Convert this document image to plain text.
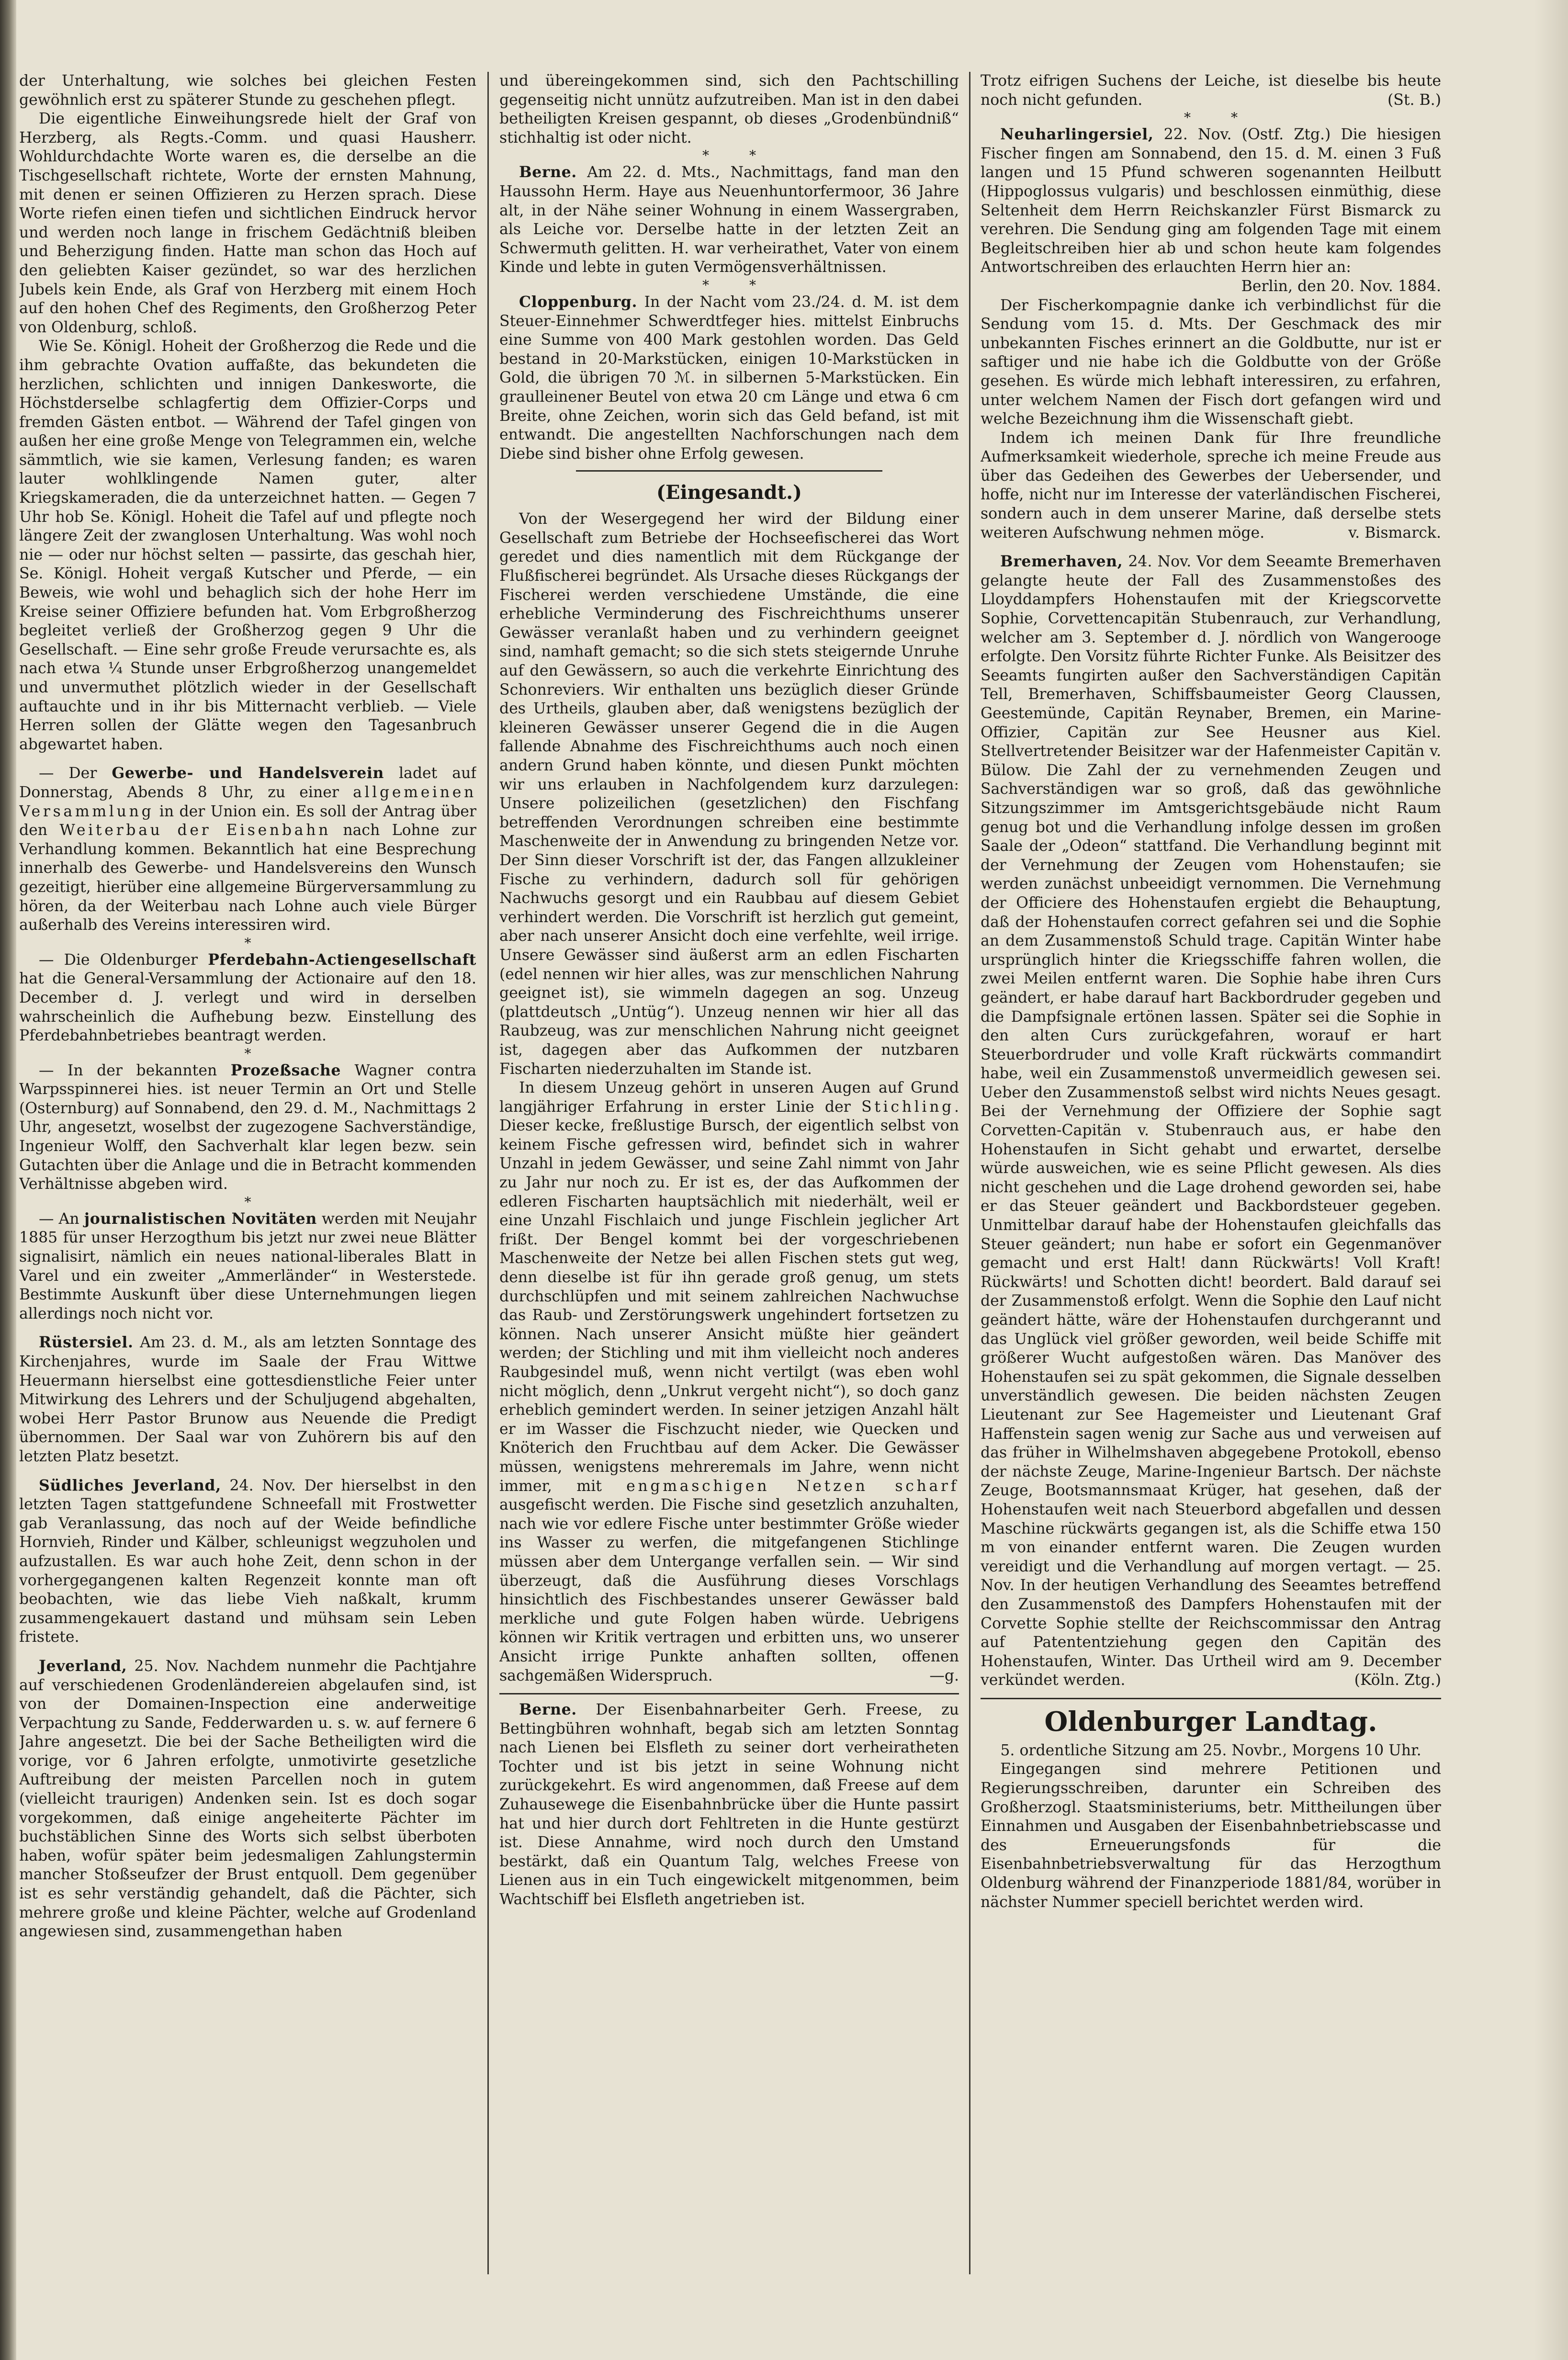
der Unterhaltung, wie solches bei gleichen Festen gewöhnlich erst zu späterer Stunde zu geschehen pflegt.

Die eigentliche Einweihungsrede hielt der Graf von Herzberg, als Regts.-Comm. und quasi Hausherr. Wohldurchdachte Worte waren es, die derselbe an die Tischgesellschaft richtete, Worte der ernsten Mahnung, mit denen er seinen Offizieren zu Herzen sprach. Diese Worte riefen einen tiefen und sichtlichen Eindruck hervor und werden noch lange in frischem Gedächtniß bleiben und Beherzigung finden. Hatte man schon das Hoch auf den geliebten Kaiser gezündet, so war des herzlichen Jubels kein Ende, als Graf von Herzberg mit einem Hoch auf den hohen Chef des Regiments, den Großherzog Peter von Oldenburg, schloß.

Wie Se. Königl. Hoheit der Großherzog die Rede und die ihm gebrachte Ovation auffaßte, das bekundeten die herzlichen, schlichten und innigen Dankesworte, die Höchstderselbe schlagfertig dem Offizier-Corps und fremden Gästen entbot. — Während der Tafel gingen von außen her eine große Menge von Telegrammen ein, welche sämmtlich, wie sie kamen, Verlesung fanden; es waren lauter wohlklingende Namen guter, alter Kriegskameraden, die da unterzeichnet hatten. — Gegen 7 Uhr hob Se. Königl. Hoheit die Tafel auf und pflegte noch längere Zeit der zwanglosen Unterhaltung. Was wohl noch nie — oder nur höchst selten — passirte, das geschah hier, Se. Königl. Hoheit vergaß Kutscher und Pferde, — ein Beweis, wie wohl und behaglich sich der hohe Herr im Kreise seiner Offiziere befunden hat. Vom Erbgroßherzog begleitet verließ der Großherzog gegen 9 Uhr die Gesellschaft. — Eine sehr große Freude verursachte es, als nach etwa ¼ Stunde unser Erbgroßherzog unangemeldet und unvermuthet plötzlich wieder in der Gesellschaft auftauchte und in ihr bis Mitternacht verblieb. — Viele Herren sollen der Glätte wegen den Tagesanbruch abgewartet haben.

— Der Gewerbe- und Handelsverein ladet auf Donnerstag, Abends 8 Uhr, zu einer allgemeinen Versammlung in der Union ein. Es soll der Antrag über den Weiterbau der Eisenbahn nach Lohne zur Verhandlung kommen. Bekanntlich hat eine Besprechung innerhalb des Gewerbe- und Handelsvereins den Wunsch gezeitigt, hierüber eine allgemeine Bürgerversammlung zu hören, da der Weiterbau nach Lohne auch viele Bürger außerhalb des Vereins interessiren wird.

*

— Die Oldenburger Pferdebahn-Actiengesellschaft hat die General-Versammlung der Actionaire auf den 18. December d. J. verlegt und wird in derselben wahrscheinlich die Aufhebung bezw. Einstellung des Pferdebahnbetriebes beantragt werden.

*

— In der bekannten Prozeßsache Wagner contra Warpsspinnerei hies. ist neuer Termin an Ort und Stelle (Osternburg) auf Sonnabend, den 29. d. M., Nachmittags 2 Uhr, angesetzt, woselbst der zugezogene Sachverständige, Ingenieur Wolff, den Sachverhalt klar legen bezw. sein Gutachten über die Anlage und die in Betracht kommenden Verhältnisse abgeben wird.

*

— An journalistischen Novitäten werden mit Neujahr 1885 für unser Herzogthum bis jetzt nur zwei neue Blätter signalisirt, nämlich ein neues national-liberales Blatt in Varel und ein zweiter „Ammerländer“ in Westerstede. Bestimmte Auskunft über diese Unternehmungen liegen allerdings noch nicht vor.

Rüstersiel. Am 23. d. M., als am letzten Sonntage des Kirchenjahres, wurde im Saale der Frau Wittwe Heuermann hierselbst eine gottesdienstliche Feier unter Mitwirkung des Lehrers und der Schuljugend abgehalten, wobei Herr Pastor Brunow aus Neuende die Predigt übernommen. Der Saal war von Zuhörern bis auf den letzten Platz besetzt.

Südliches Jeverland, 24. Nov. Der hierselbst in den letzten Tagen stattgefundene Schneefall mit Frostwetter gab Veranlassung, das noch auf der Weide befindliche Hornvieh, Rinder und Kälber, schleunigst wegzuholen und aufzustallen. Es war auch hohe Zeit, denn schon in der vorhergegangenen kalten Regenzeit konnte man oft beobachten, wie das liebe Vieh naßkalt, krumm zusammengekauert dastand und mühsam sein Leben fristete.

Jeverland, 25. Nov. Nachdem nunmehr die Pachtjahre auf verschiedenen Grodenländereien abgelaufen sind, ist von der Domainen-Inspection eine anderweitige Verpachtung zu Sande, Fedderwarden u. s. w. auf fernere 6 Jahre angesetzt. Die bei der Sache Betheiligten wird die vorige, vor 6 Jahren erfolgte, unmotivirte gesetzliche Auftreibung der meisten Parcellen noch in gutem (vielleicht traurigen) Andenken sein. Ist es doch sogar vorgekommen, daß einige angeheiterte Pächter im buchstäblichen Sinne des Worts sich selbst überboten haben, wofür später beim jedesmaligen Zahlungstermin mancher Stoßseufzer der Brust entquoll. Dem gegenüber ist es sehr verständig gehandelt, daß die Pächter, sich mehrere große und kleine Pächter, welche auf Grodenland angewiesen sind, zusammengethan haben

und übereingekommen sind, sich den Pachtschilling gegenseitig nicht unnütz aufzutreiben. Man ist in den dabei betheiligten Kreisen gespannt, ob dieses „Grodenbündniß“ stichhaltig ist oder nicht.

*   	*

Berne. Am 22. d. Mts., Nachmittags, fand man den Haussohn Herm. Haye aus Neuenhuntorfermoor, 36 Jahre alt, in der Nähe seiner Wohnung in einem Wassergraben, als Leiche vor. Derselbe hatte in der letzten Zeit an Schwermuth gelitten. H. war verheirathet, Vater von einem Kinde und lebte in guten Vermögensverhältnissen.

*   	*

Cloppenburg. In der Nacht vom 23./24. d. M. ist dem Steuer-Einnehmer Schwerdtfeger hies. mittelst Einbruchs eine Summe von 400 Mark gestohlen worden. Das Geld bestand in 20-Markstücken, einigen 10-Markstücken in Gold, die übrigen 70 ℳ. in silbernen 5-Markstücken. Ein graulleinener Beutel von etwa 20 cm Länge und etwa 6 cm Breite, ohne Zeichen, worin sich das Geld befand, ist mit entwandt. Die angestellten Nachforschungen nach dem Diebe sind bisher ohne Erfolg gewesen.

(Eingesandt.)

Von der Wesergegend her wird der Bildung einer Gesellschaft zum Betriebe der Hochseefischerei das Wort geredet und dies namentlich mit dem Rückgange der Flußfischerei begründet. Als Ursache dieses Rückgangs der Fischerei werden verschiedene Umstände, die eine erhebliche Verminderung des Fischreichthums unserer Gewässer veranlaßt haben und zu verhindern geeignet sind, namhaft gemacht; so die sich stets steigernde Unruhe auf den Gewässern, so auch die verkehrte Einrichtung des Schonreviers. Wir enthalten uns bezüglich dieser Gründe des Urtheils, glauben aber, daß wenigstens bezüglich der kleineren Gewässer unserer Gegend die in die Augen fallende Abnahme des Fischreichthums auch noch einen andern Grund haben könnte, und diesen Punkt möchten wir uns erlauben in Nachfolgendem kurz darzulegen: Unsere polizeilichen (gesetzlichen) den Fischfang betreffenden Verordnungen schreiben eine bestimmte Maschenweite der in Anwendung zu bringenden Netze vor. Der Sinn dieser Vorschrift ist der, das Fangen allzukleiner Fische zu verhindern, dadurch soll für gehörigen Nachwuchs gesorgt und ein Raubbau auf diesem Gebiet verhindert werden. Die Vorschrift ist herzlich gut gemeint, aber nach unserer Ansicht doch eine verfehlte, weil irrige. Unsere Gewässer sind äußerst arm an edlen Fischarten (edel nennen wir hier alles, was zur menschlichen Nahrung geeignet ist), sie wimmeln dagegen an sog. Unzeug (plattdeutsch „Untüg“). Unzeug nennen wir hier all das Raubzeug, was zur menschlichen Nahrung nicht geeignet ist, dagegen aber das Aufkommen der nutzbaren Fischarten niederzuhalten im Stande ist.

In diesem Unzeug gehört in unseren Augen auf Grund langjähriger Erfahrung in erster Linie der Stichling. Dieser kecke, freßlustige Bursch, der eigentlich selbst von keinem Fische gefressen wird, befindet sich in wahrer Unzahl in jedem Gewässer, und seine Zahl nimmt von Jahr zu Jahr nur noch zu. Er ist es, der das Aufkommen der edleren Fischarten hauptsächlich mit niederhält, weil er eine Unzahl Fischlaich und junge Fischlein jeglicher Art frißt. Der Bengel kommt bei der vorgeschriebenen Maschenweite der Netze bei allen Fischen stets gut weg, denn dieselbe ist für ihn gerade groß genug, um stets durchschlüpfen und mit seinem zahlreichen Nachwuchse das Raub- und Zerstörungswerk ungehindert fortsetzen zu können. Nach unserer Ansicht müßte hier geändert werden; der Stichling und mit ihm vielleicht noch anderes Raubgesindel muß, wenn nicht vertilgt (was eben wohl nicht möglich, denn „Unkrut vergeht nicht“), so doch ganz erheblich gemindert werden. In seiner jetzigen Anzahl hält er im Wasser die Fischzucht nieder, wie Quecken und Knöterich den Fruchtbau auf dem Acker. Die Gewässer müssen, wenigstens mehreremals im Jahre, wenn nicht immer, mit engmaschigen Netzen scharf ausgefischt werden. Die Fische sind gesetzlich anzuhalten, nach wie vor edlere Fische unter bestimmter Größe wieder ins Wasser zu werfen, die mitgefangenen Stichlinge müssen aber dem Untergange verfallen sein. — Wir sind überzeugt, daß die Ausführung dieses Vorschlags hinsichtlich des Fischbestandes unserer Gewässer bald merkliche und gute Folgen haben würde. Uebrigens können wir Kritik vertragen und erbitten uns, wo unserer Ansicht irrige Punkte anhaften sollten, offenen sachgemäßen Widerspruch.	—g.

Berne. Der Eisenbahnarbeiter Gerh. Freese, zu Bettingbühren wohnhaft, begab sich am letzten Sonntag nach Lienen bei Elsfleth zu seiner dort verheiratheten Tochter und ist bis jetzt in seine Wohnung nicht zurückgekehrt. Es wird angenommen, daß Freese auf dem Zuhausewege die Eisenbahnbrücke über die Hunte passirt hat und hier durch dort Fehltreten in die Hunte gestürzt ist. Diese Annahme, wird noch durch den Umstand bestärkt, daß ein Quantum Talg, welches Freese von Lienen aus in ein Tuch eingewickelt mitgenommen, beim Wachtschiff bei Elsfleth angetrieben ist.

Trotz eifrigen Suchens der Leiche, ist dieselbe bis heute noch nicht gefunden.	(St. B.)

*   	*

Neuharlingersiel, 22. Nov. (Ostf. Ztg.) Die hiesigen Fischer fingen am Sonnabend, den 15. d. M. einen 3 Fuß langen und 15 Pfund schweren sogenannten Heilbutt (Hippoglossus vulgaris) und beschlossen einmüthig, diese Seltenheit dem Herrn Reichskanzler Fürst Bismarck zu verehren. Die Sendung ging am folgenden Tage mit einem Begleitschreiben hier ab und schon heute kam folgendes Antwortschreiben des erlauchten Herrn hier an:

Berlin, den 20. Nov. 1884.

Der Fischerkompagnie danke ich verbindlichst für die Sendung vom 15. d. Mts. Der Geschmack des mir unbekannten Fisches erinnert an die Goldbutte, nur ist er saftiger und nie habe ich die Goldbutte von der Größe gesehen. Es würde mich lebhaft interessiren, zu erfahren, unter welchem Namen der Fisch dort gefangen wird und welche Bezeichnung ihm die Wissenschaft giebt.

Indem ich meinen Dank für Ihre freundliche Aufmerksamkeit wiederhole, spreche ich meine Freude aus über das Gedeihen des Gewerbes der Uebersender, und hoffe, nicht nur im Interesse der vaterländischen Fischerei, sondern auch in dem unserer Marine, daß derselbe stets weiteren Aufschwung nehmen möge.	v. Bismarck.

Bremerhaven, 24. Nov. Vor dem Seeamte Bremerhaven gelangte heute der Fall des Zusammenstoßes des Lloyddampfers Hohenstaufen mit der Kriegscorvette Sophie, Corvettencapitän Stubenrauch, zur Verhandlung, welcher am 3. September d. J. nördlich von Wangerooge erfolgte. Den Vorsitz führte Richter Funke. Als Beisitzer des Seeamts fungirten außer den Sachverständigen Capitän Tell, Bremerhaven, Schiffsbaumeister Georg Claussen, Geestemünde, Capitän Reynaber, Bremen, ein Marine-Offizier, Capitän zur See Heusner aus Kiel. Stellvertretender Beisitzer war der Hafenmeister Capitän v. Bülow. Die Zahl der zu vernehmenden Zeugen und Sachverständigen war so groß, daß das gewöhnliche Sitzungszimmer im Amtsgerichtsgebäude nicht Raum genug bot und die Verhandlung infolge dessen im großen Saale der „Odeon“ stattfand. Die Verhandlung beginnt mit der Vernehmung der Zeugen vom Hohenstaufen; sie werden zunächst unbeeidigt vernommen. Die Vernehmung der Officiere des Hohenstaufen ergiebt die Behauptung, daß der Hohenstaufen correct gefahren sei und die Sophie an dem Zusammenstoß Schuld trage. Capitän Winter habe ursprünglich hinter die Kriegsschiffe fahren wollen, die zwei Meilen entfernt waren. Die Sophie habe ihren Curs geändert, er habe darauf hart Backbordruder gegeben und die Dampfsignale ertönen lassen. Später sei die Sophie in den alten Curs zurückgefahren, worauf er hart Steuerbordruder und volle Kraft rückwärts commandirt habe, weil ein Zusammenstoß unvermeidlich gewesen sei. Ueber den Zusammenstoß selbst wird nichts Neues gesagt. Bei der Vernehmung der Offiziere der Sophie sagt Corvetten-Capitän v. Stubenrauch aus, er habe den Hohenstaufen in Sicht gehabt und erwartet, derselbe würde ausweichen, wie es seine Pflicht gewesen. Als dies nicht geschehen und die Lage drohend geworden sei, habe er das Steuer geändert und Backbordsteuer gegeben. Unmittelbar darauf habe der Hohenstaufen gleichfalls das Steuer geändert; nun habe er sofort ein Gegenmanöver gemacht und erst Halt! dann Rückwärts! Voll Kraft! Rückwärts! und Schotten dicht! beordert. Bald darauf sei der Zusammenstoß erfolgt. Wenn die Sophie den Lauf nicht geändert hätte, wäre der Hohenstaufen durchgerannt und das Unglück viel größer geworden, weil beide Schiffe mit größerer Wucht aufgestoßen wären. Das Manöver des Hohenstaufen sei zu spät gekommen, die Signale desselben unverständlich gewesen. Die beiden nächsten Zeugen Lieutenant zur See Hagemeister und Lieutenant Graf Haffenstein sagen wenig zur Sache aus und verweisen auf das früher in Wilhelmshaven abgegebene Protokoll, ebenso der nächste Zeuge, Marine-Ingenieur Bartsch. Der nächste Zeuge, Bootsmannsmaat Krüger, hat gesehen, daß der Hohenstaufen weit nach Steuerbord abgefallen und dessen Maschine rückwärts gegangen ist, als die Schiffe etwa 150 m von einander entfernt waren. Die Zeugen wurden vereidigt und die Verhandlung auf morgen vertagt. — 25. Nov. In der heutigen Verhandlung des Seeamtes betreffend den Zusammenstoß des Dampfers Hohenstaufen mit der Corvette Sophie stellte der Reichscommissar den Antrag auf Patententziehung gegen den Capitän des Hohenstaufen, Winter. Das Urtheil wird am 9. December verkündet werden.	(Köln. Ztg.)

Oldenburger Landtag.

5. ordentliche Sitzung am 25. Novbr., Morgens 10 Uhr.

Eingegangen sind mehrere Petitionen und Regierungsschreiben, darunter ein Schreiben des Großherzogl. Staatsministeriums, betr. Mittheilungen über Einnahmen und Ausgaben der Eisenbahnbetriebscasse und des Erneuerungsfonds für die Eisenbahnbetriebsverwaltung für das Herzogthum Oldenburg während der Finanzperiode 1881/84, worüber in nächster Nummer speciell berichtet werden wird.
